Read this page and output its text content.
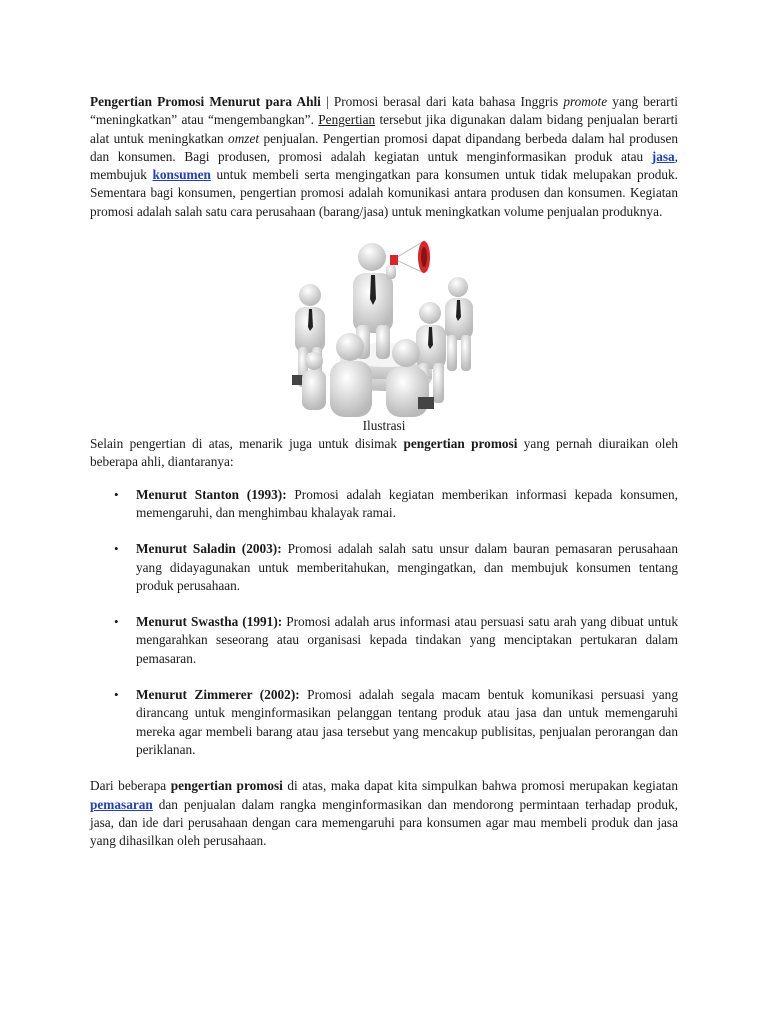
Pengertian Promosi Menurut para Ahli | Promosi berasal dari kata bahasa Inggris promote yang berarti “meningkatkan” atau “mengembangkan”. Pengertian tersebut jika digunakan dalam bidang penjualan berarti alat untuk meningkatkan omzet penjualan. Pengertian promosi dapat dipandang berbeda dalam hal produsen dan konsumen. Bagi produsen, promosi adalah kegiatan untuk menginformasikan produk atau jasa, membujuk konsumen untuk membeli serta mengingatkan para konsumen untuk tidak melupakan produk. Sementara bagi konsumen, pengertian promosi adalah komunikasi antara produsen dan konsumen. Kegiatan promosi adalah salah satu cara perusahaan (barang/jasa) untuk meningkatkan volume penjualan produknya.

Ilustrasi

Selain pengertian di atas, menarik juga untuk disimak pengertian promosi yang pernah diuraikan oleh beberapa ahli, diantaranya:

• Menurut Stanton (1993): Promosi adalah kegiatan memberikan informasi kepada konsumen, memengaruhi, dan menghimbau khalayak ramai.

• Menurut Saladin (2003): Promosi adalah salah satu unsur dalam bauran pemasaran perusahaan yang didayagunakan untuk memberitahukan, mengingatkan, dan membujuk konsumen tentang produk perusahaan.

• Menurut Swastha (1991): Promosi adalah arus informasi atau persuasi satu arah yang dibuat untuk mengarahkan seseorang atau organisasi kepada tindakan yang menciptakan pertukaran dalam pemasaran.

• Menurut Zimmerer (2002): Promosi adalah segala macam bentuk komunikasi persuasi yang dirancang untuk menginformasikan pelanggan tentang produk atau jasa dan untuk memengaruhi mereka agar membeli barang atau jasa tersebut yang mencakup publisitas, penjualan perorangan dan periklanan.

Dari beberapa pengertian promosi di atas, maka dapat kita simpulkan bahwa promosi merupakan kegiatan pemasaran dan penjualan dalam rangka menginformasikan dan mendorong permintaan terhadap produk, jasa, dan ide dari perusahaan dengan cara memengaruhi para konsumen agar mau membeli produk dan jasa yang dihasilkan oleh perusahaan.
